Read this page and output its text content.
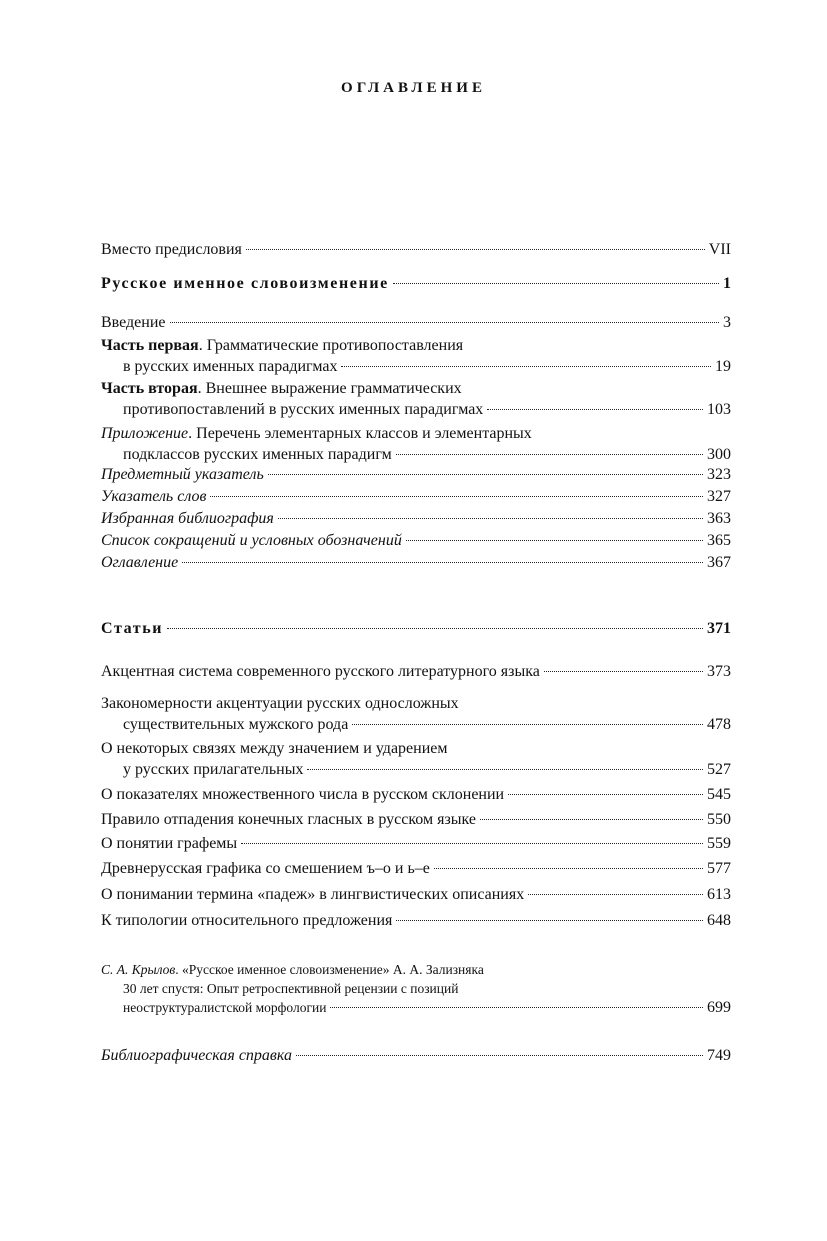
ОГЛАВЛЕНИЕ
Вместо предисловия	VII
Русское именное словоизменение	1
Введение	3
Часть первая. Грамматические противопоставления
в русских именных парадигмах	19
Часть вторая. Внешнее выражение грамматических
противопоставлений в русских именных парадигмах	103
Приложение. Перечень элементарных классов и элементарных
подклассов русских именных парадигм	300
Предметный указатель	323
Указатель слов	327
Избранная библиография	363
Список сокращений и условных обозначений	365
Оглавление	367
Статьи	371
Акцентная система современного русского литературного языка	373
Закономерности акцентуации русских односложных
существительных мужского рода	478
О некоторых связях между значением и ударением
у русских прилагательных	527
О показателях множественного числа в русском склонении	545
Правило отпадения конечных гласных в русском языке	550
О понятии графемы	559
Древнерусская графика со смешением ъ–о и ь–е	577
О понимании термина «падеж» в лингвистических описаниях	613
К типологии относительного предложения	648
С. А. Крылов. «Русское именное словоизменение» А. А. Зализняка
30 лет спустя: Опыт ретроспективной рецензии с позиций
неоструктуралистской морфологии	699
Библиографическая справка	749
